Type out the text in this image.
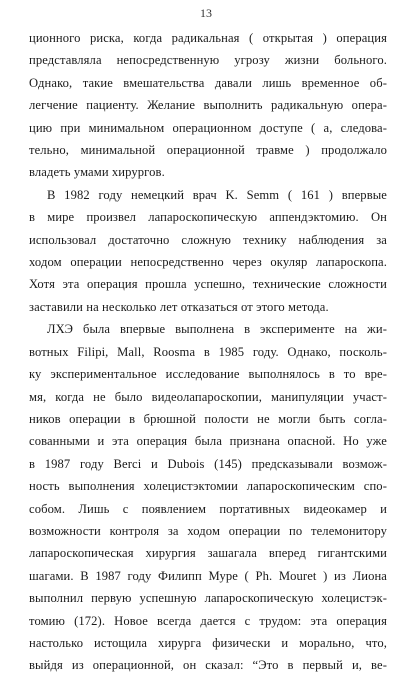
13
ционного риска, когда радикальная ( открытая ) операция
представляла непосредственную угрозу жизни больного.
Однако, такие вмешательства давали лишь временное об-
легчение пациенту. Желание выполнить радикальную опера-
цию при минимальном операционном доступе ( а, следова-
тельно, минимальной операционной травме ) продолжало
владеть умами хирургов.
В 1982 году немецкий врач K. Semm ( 161 ) впервые
в мире произвел лапароскопическую аппендэктомию. Он
использовал достаточно сложную технику наблюдения за
ходом операции непосредственно через окуляр лапароскопа.
Хотя эта операция прошла успешно, технические сложности
заставили на несколько лет отказаться от этого метода.
ЛХЭ была впервые выполнена в эксперименте на жи-
вотных Filipi, Mall, Roosma в 1985 году. Однако, посколь-
ку экспериментальное исследование выполнялось в то вре-
мя, когда не было видеолапароскопии, манипуляции участ-
ников операции в брюшной полости не могли быть согла-
сованными и эта операция была признана опасной. Но уже
в 1987 году Berci и Dubois (145) предсказывали возмож-
ность выполнения холецистэктомии лапароскопическим спо-
собом. Лишь с появлением портативных видеокамер и
возможности контроля за ходом операции по телемонитору
лапароскопическая хирургия зашагала вперед гигантскими
шагами. В 1987 году Филипп Муре ( Ph. Mouret ) из Лиона
выполнил первую успешную лапароскопическую холецистэк-
томию (172). Новое всегда дается с трудом: эта операция
настолько истощила хирурга физически и морально, что,
выйдя из операционной, он сказал: “Это в первый и, ве-
